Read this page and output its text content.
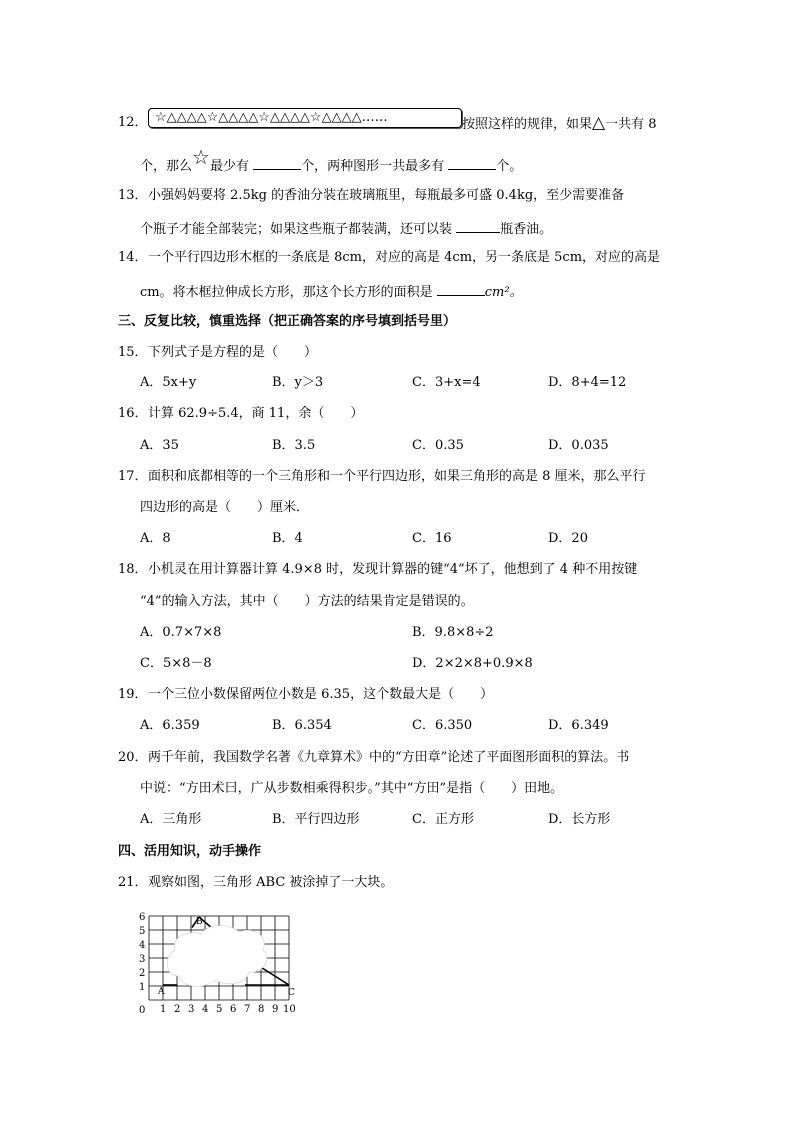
12． ☆△△△△☆△△△△☆△△△△☆△△△△……	按照这样的规律，如果△一共有 8
个，那么☆最少有	个，两种图形一共最多有	个。
13． 小强妈妈要将 2.5kg 的香油分装在玻璃瓶里，每瓶最多可盛 0.4kg，至少需要准备
个瓶子才能全部装完；如果这些瓶子都装满，还可以装	瓶香油。
14． 一个平行四边形木框的一条底是 8cm，对应的高是 4cm，另一条底是 5cm，对应的高是
cm。将木框拉伸成长方形，那这个长方形的面积是	cm²。
三、反复比较，慎重选择（把正确答案的序号填到括号里）
15． 下列式子是方程的是（　　）
A．5x+y	B．y＞3	C．3+x=4	D．8+4=12
16． 计算 62.9÷5.4，商 11，余（　　）
A．35	B．3.5	C．0.35	D．0.035
17． 面积和底都相等的一个三角形和一个平行四边形，如果三角形的高是 8 厘米，那么平行
四边形的高是（　　）厘米．
A．8	B．4	C．16	D．20
18． 小机灵在用计算器计算 4.9×8 时，发现计算器的键“4”坏了，他想到了 4 种不用按键
“4”的输入方法，其中（　　）方法的结果肯定是错误的。
A．0.7×7×8	B．9.8×8÷2
C．5×8－8	D．2×2×8+0.9×8
19． 一个三位小数保留两位小数是 6.35，这个数最大是（　　）
A．6.359	B．6.354	C．6.350	D．6.349
20． 两千年前，我国数学名著《九章算术》中的“方田章”论述了平面图形面积的算法。书
中说：“方田术曰，广从步数相乘得积步。”其中“方田”是指（　　）田地。
A．三角形	B．平行四边形	C．正方形	D．长方形
四、活用知识，动手操作
21． 观察如图，三角形 ABC 被涂掉了一大块。
1 2 3 4 5 6 7 8 9 10
1
2
3
4
5
6
0
A
B
C
